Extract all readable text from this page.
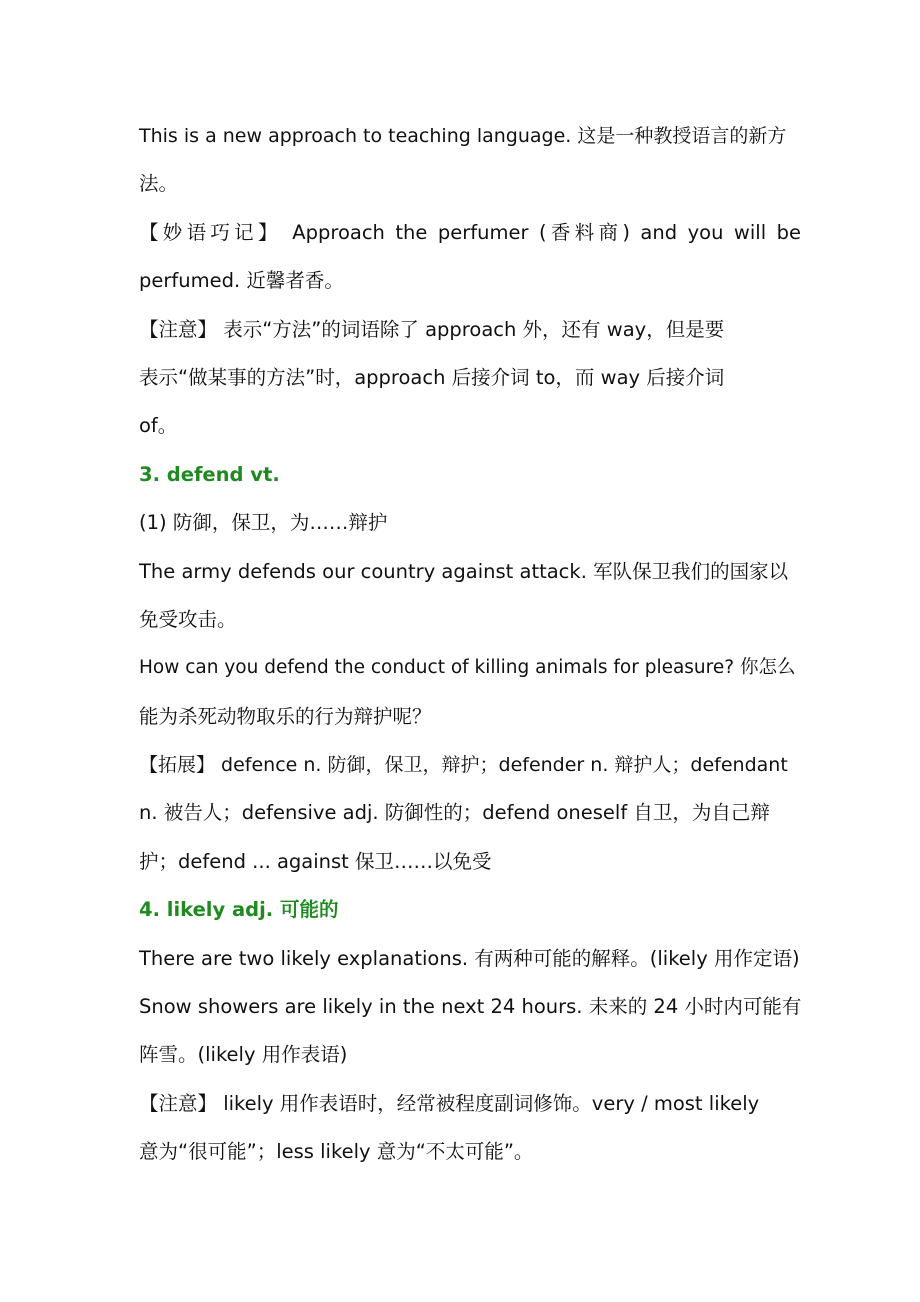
This is a new approach to teaching language. 这是一种教授语言的新方
法。
【妙语巧记】 Approach the perfumer (香料商) and you will be
perfumed. 近馨者香。
【注意】 表示“方法”的词语除了 approach 外，还有 way，但是要
表示“做某事的方法”时，approach 后接介词 to，而 way 后接介词
of。
3. defend vt.
(1) 防御，保卫，为……辩护
The army defends our country against attack. 军队保卫我们的国家以
免受攻击。
How can you defend the conduct of killing animals for pleasure? 你怎么
能为杀死动物取乐的行为辩护呢？
【拓展】 defence n. 防御，保卫，辩护；defender n. 辩护人；defendant
n. 被告人；defensive adj. 防御性的；defend oneself 自卫，为自己辩
护；defend ... against 保卫……以免受
4. likely adj. 可能的
There are two likely explanations. 有两种可能的解释。(likely 用作定语)
Snow showers are likely in the next 24 hours. 未来的 24 小时内可能有
阵雪。(likely 用作表语)
【注意】 likely 用作表语时，经常被程度副词修饰。very / most likely
意为“很可能”；less likely 意为“不太可能”。
